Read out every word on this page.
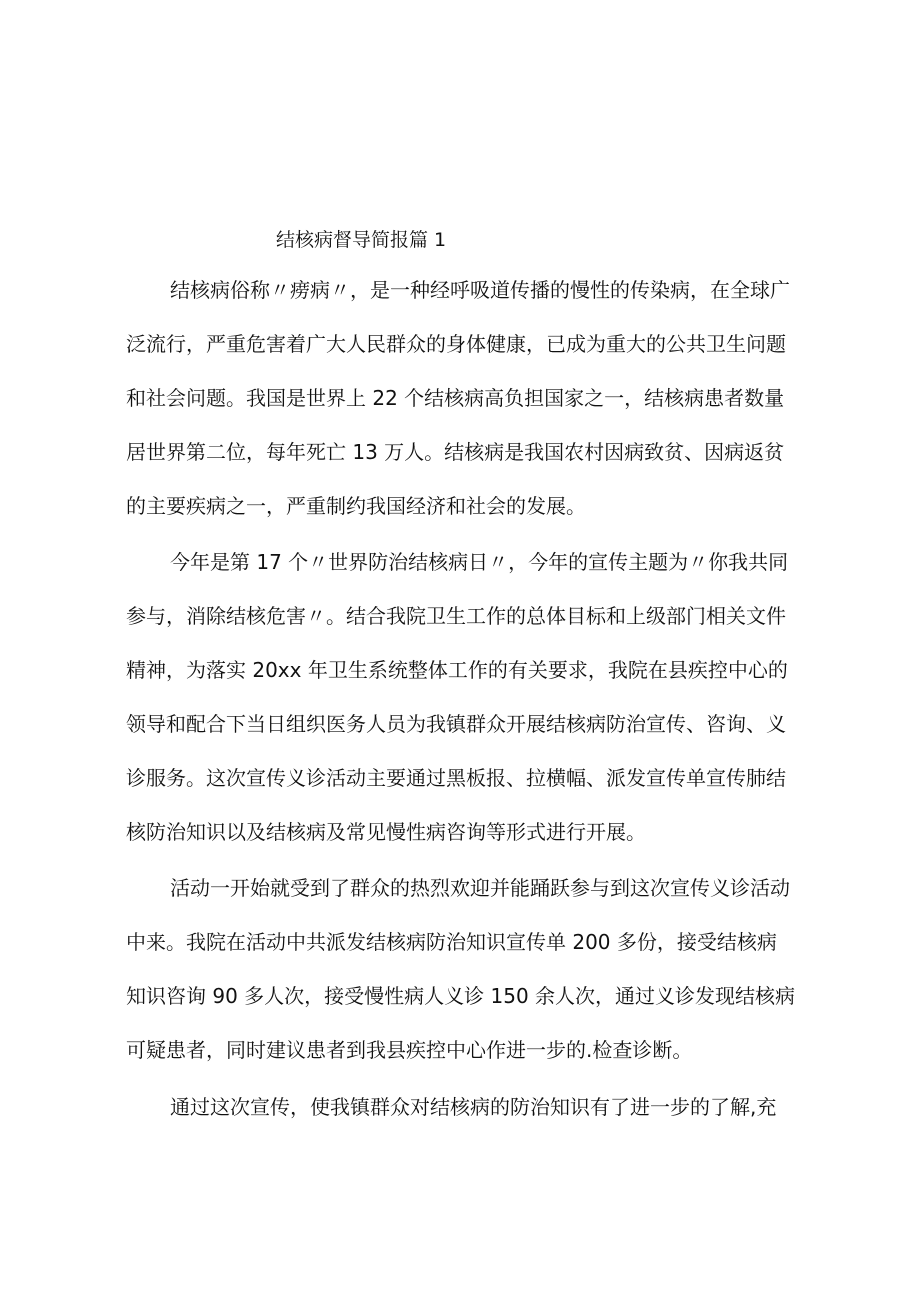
结核病督导简报篇 1
结核病俗称〃痨病〃，是一种经呼吸道传播的慢性的传染病，在全球广
泛流行，严重危害着广大人民群众的身体健康，已成为重大的公共卫生问题
和社会问题。我国是世界上 22 个结核病高负担国家之一，结核病患者数量
居世界第二位，每年死亡 13 万人。结核病是我国农村因病致贫、因病返贫
的主要疾病之一，严重制约我国经济和社会的发展。
今年是第 17 个〃世界防治结核病日〃，今年的宣传主题为〃你我共同
参与，消除结核危害〃。结合我院卫生工作的总体目标和上级部门相关文件
精神，为落实 20xx 年卫生系统整体工作的有关要求，我院在县疾控中心的
领导和配合下当日组织医务人员为我镇群众开展结核病防治宣传、咨询、义
诊服务。这次宣传义诊活动主要通过黑板报、拉横幅、派发宣传单宣传肺结
核防治知识以及结核病及常见慢性病咨询等形式进行开展。
活动一开始就受到了群众的热烈欢迎并能踊跃参与到这次宣传义诊活动
中来。我院在活动中共派发结核病防治知识宣传单 200 多份，接受结核病
知识咨询 90 多人次，接受慢性病人义诊 150 余人次，通过义诊发现结核病
可疑患者，同时建议患者到我县疾控中心作进一步的.检查诊断。
通过这次宣传，使我镇群众对结核病的防治知识有了进一步的了解,充
